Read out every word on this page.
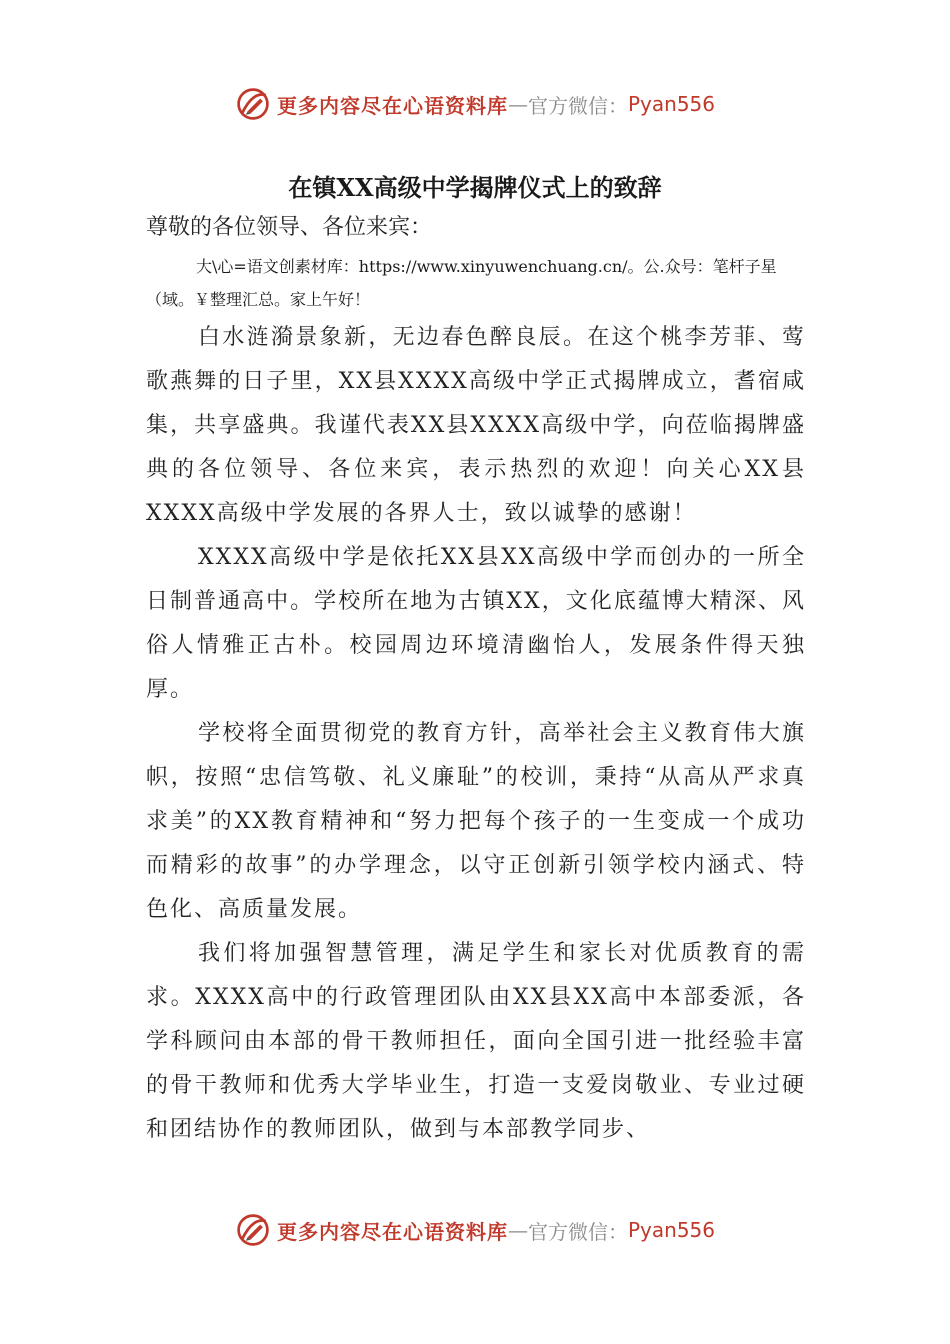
更多内容尽在心语资料库 — 官方微信： Pyan556
在镇XX高级中学揭牌仪式上的致辞

尊敬的各位领导、各位来宾：

大\心=语文创素材库：https://www.xinyuwenchuang.cn/。公.众号：笔杆子星（域。￥整理汇总。家上午好！

白水涟漪景象新，无边春色醉良辰。在这个桃李芳菲、莺歌燕舞的日子里，XX县XXXX高级中学正式揭牌成立，耆宿咸集，共享盛典。我谨代表XX县XXXX高级中学，向莅临揭牌盛典的各位领导、各位来宾，表示热烈的欢迎！向关心XX县XXXX高级中学发展的各界人士，致以诚挚的感谢！

XXXX高级中学是依托XX县XX高级中学而创办的一所全日制普通高中。学校所在地为古镇XX，文化底蕴博大精深、风俗人情雅正古朴。校园周边环境清幽怡人，发展条件得天独厚。

学校将全面贯彻党的教育方针，高举社会主义教育伟大旗帜，按照“忠信笃敬、礼义廉耻”的校训，秉持“从高从严求真求美”的XX教育精神和“努力把每个孩子的一生变成一个成功而精彩的故事”的办学理念，以守正创新引领学校内涵式、特色化、高质量发展。

我们将加强智慧管理，满足学生和家长对优质教育的需求。XXXX高中的行政管理团队由XX县XX高中本部委派，各学科顾问由本部的骨干教师担任，面向全国引进一批经验丰富的骨干教师和优秀大学毕业生，打造一支爱岗敬业、专业过硬和团结协作的教师团队，做到与本部教学同步、

更多内容尽在心语资料库 — 官方微信： Pyan556
